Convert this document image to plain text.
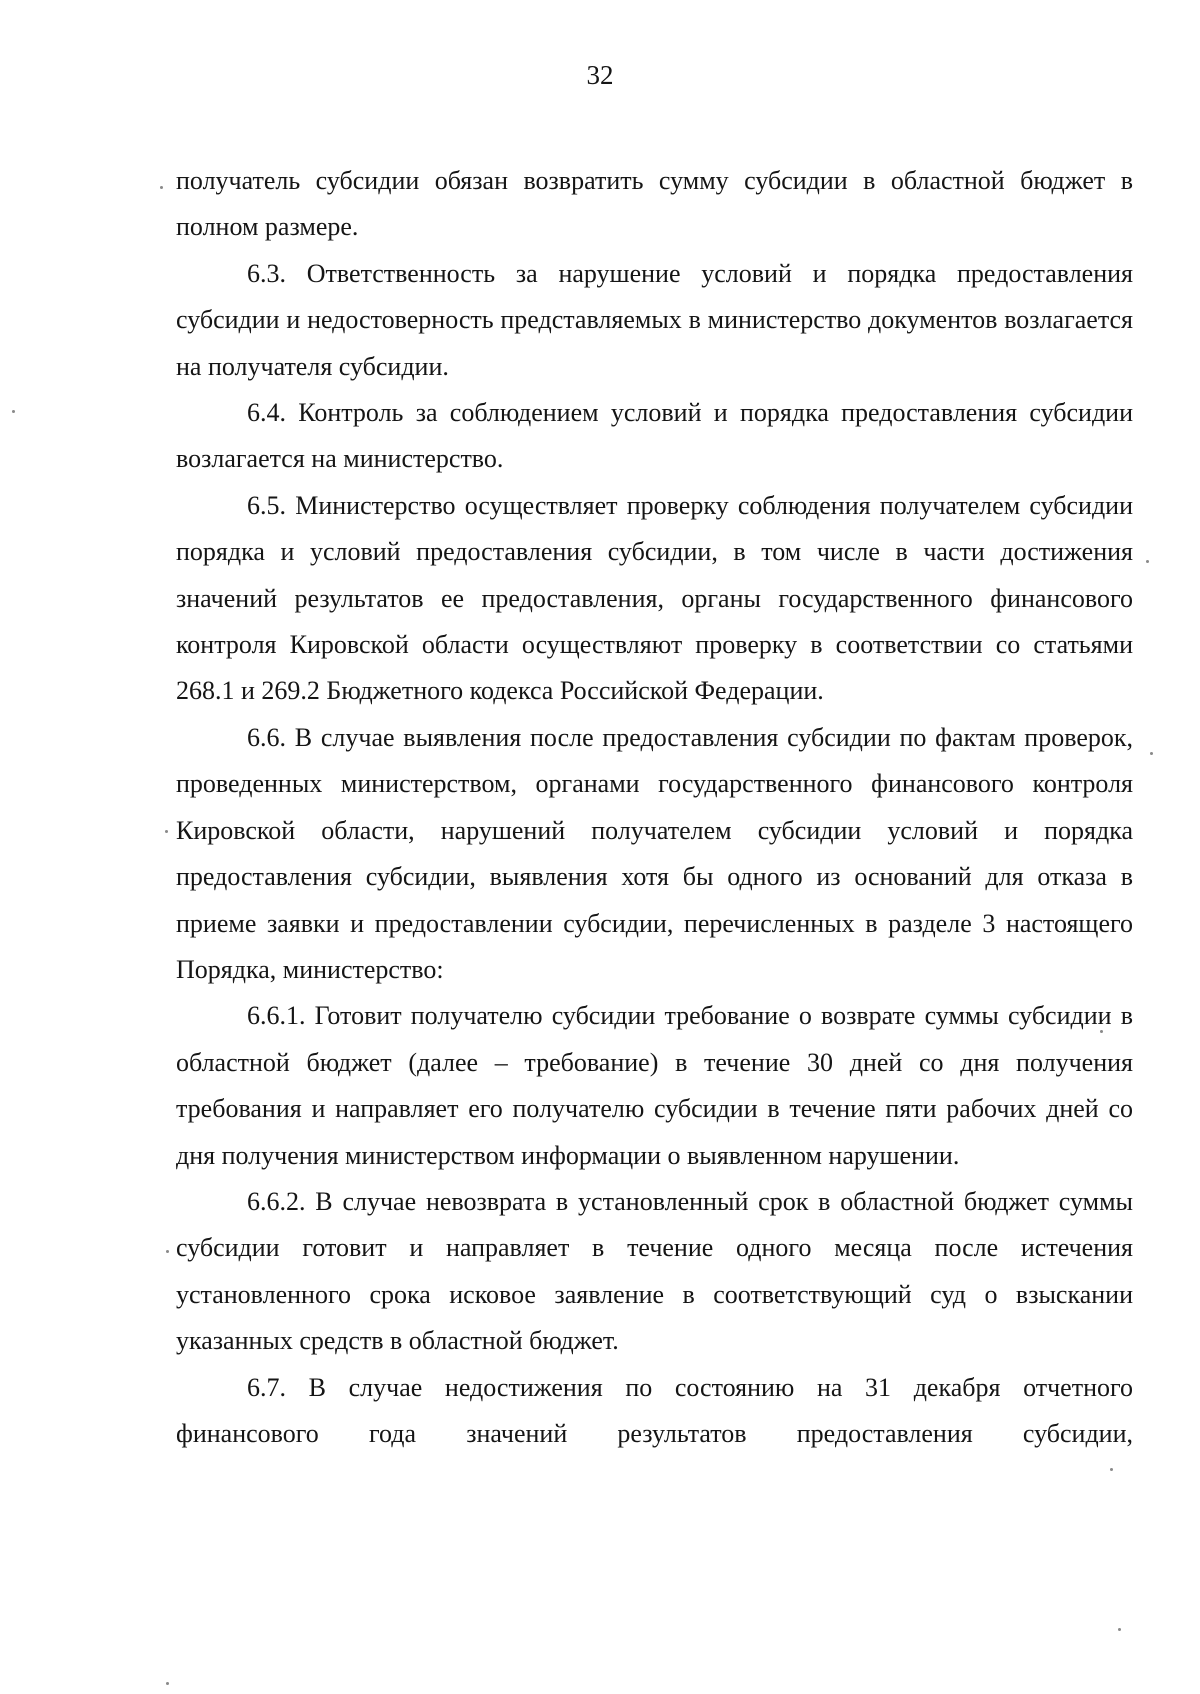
32

получатель субсидии обязан возвратить сумму субсидии в областной бюджет в полном размере.

6.3. Ответственность за нарушение условий и порядка предоставления субсидии и недостоверность представляемых в министерство документов возлагается на получателя субсидии.

6.4. Контроль за соблюдением условий и порядка предоставления субсидии возлагается на министерство.

6.5. Министерство осуществляет проверку соблюдения получателем субсидии порядка и условий предоставления субсидии, в том числе в части достижения значений результатов ее предоставления, органы государственного финансового контроля Кировской области осуществляют проверку в соответствии со статьями 268.1 и 269.2 Бюджетного кодекса Российской Федерации.

6.6. В случае выявления после предоставления субсидии по фактам проверок, проведенных министерством, органами государственного финансового контроля Кировской области, нарушений получателем субсидии условий и порядка предоставления субсидии, выявления хотя бы одного из оснований для отказа в приеме заявки и предоставлении субсидии, перечисленных в разделе 3 настоящего Порядка, министерство:

6.6.1. Готовит получателю субсидии требование о возврате суммы субсидии в областной бюджет (далее – требование) в течение 30 дней со дня получения требования и направляет его получателю субсидии в течение пяти рабочих дней со дня получения министерством информации о выявленном нарушении.

6.6.2. В случае невозврата в установленный срок в областной бюджет суммы субсидии готовит и направляет в течение одного месяца после истечения установленного срока исковое заявление в соответствующий суд о взыскании указанных средств в областной бюджет.

6.7. В случае недостижения по состоянию на 31 декабря отчетного финансового года значений результатов предоставления субсидии,
